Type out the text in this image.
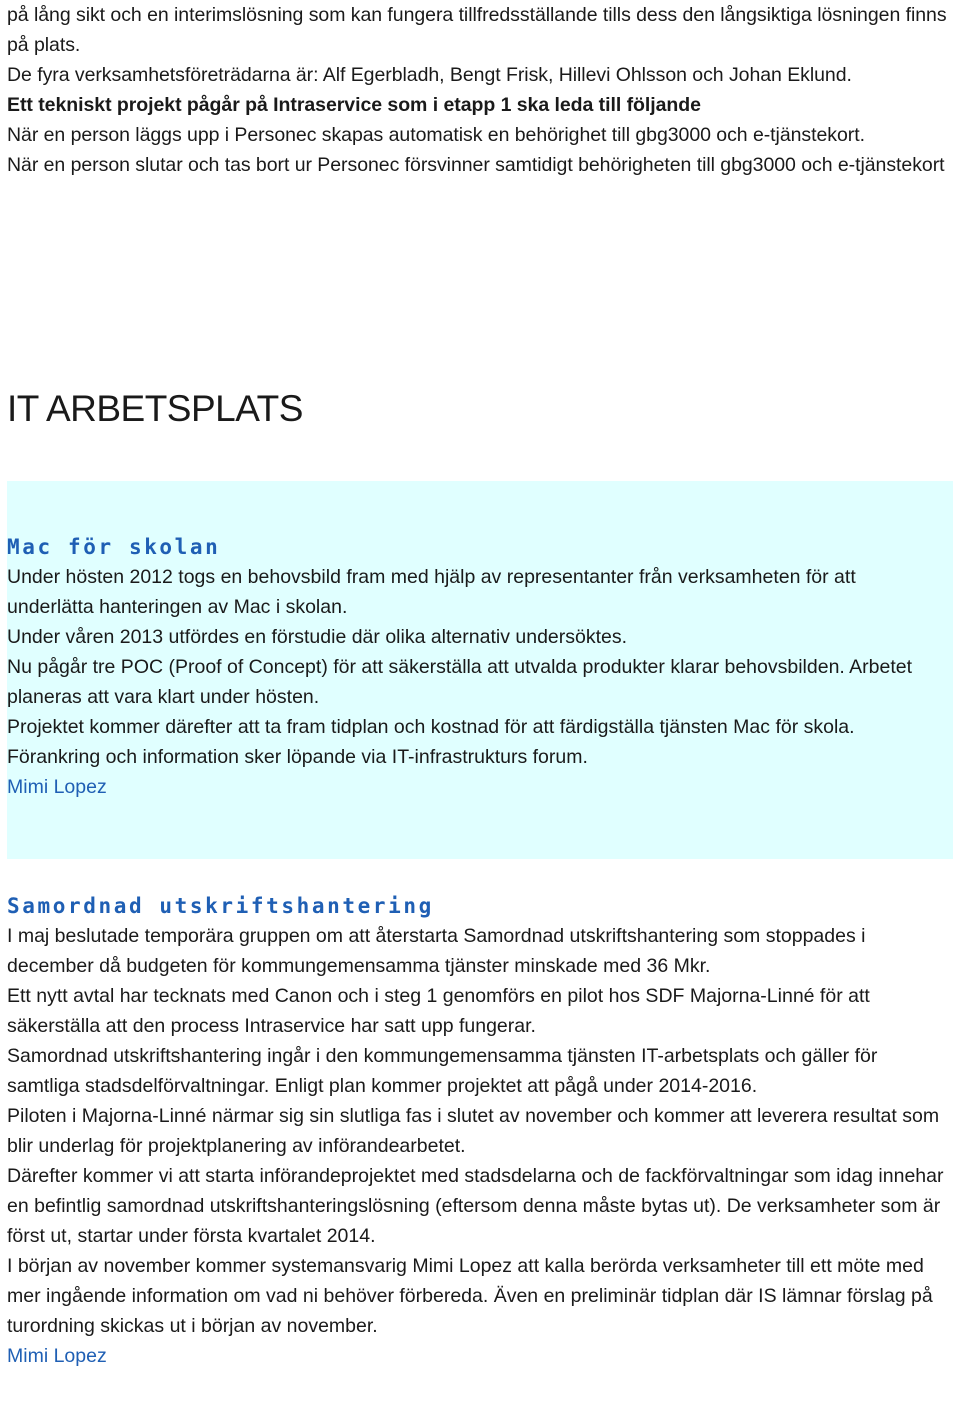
på lång sikt och en interimslösning som kan fungera tillfredsställande tills dess den långsiktiga lösningen finns på plats.

De fyra verksamhetsföreträdarna är: Alf Egerbladh, Bengt Frisk, Hillevi Ohlsson och Johan Eklund.

Ett tekniskt projekt pågår på Intraservice som i etapp 1 ska leda till följande

När en person läggs upp i Personec skapas automatisk en behörighet till gbg3000 och e-tjänstekort.

När en person slutar och tas bort ur Personec försvinner samtidigt behörigheten till gbg3000 och e-tjänstekort

IT ARBETSPLATS
Mac för skolan

Under hösten 2012 togs en behovsbild fram med hjälp av representanter från verksamheten för att underlätta hanteringen av Mac i skolan.

Under våren 2013 utfördes en förstudie där olika alternativ undersöktes.

Nu pågår tre POC (Proof of Concept) för att säkerställa att utvalda produkter klarar behovsbilden. Arbetet planeras att vara klart under hösten.

Projektet kommer därefter att ta fram tidplan och kostnad för att färdigställa tjänsten Mac för skola.

Förankring och information sker löpande via IT-infrastrukturs forum.

Mimi Lopez

Samordnad utskriftshantering

I maj beslutade temporära gruppen om att återstarta Samordnad utskriftshantering som stoppades i december då budgeten för kommungemensamma tjänster minskade med 36 Mkr.

Ett nytt avtal har tecknats med Canon och i steg 1 genomförs en pilot hos SDF Majorna-Linné för att säkerställa att den process Intraservice har satt upp fungerar.

Samordnad utskriftshantering ingår i den kommungemensamma tjänsten IT-arbetsplats och gäller för samtliga stadsdelförvaltningar. Enligt plan kommer projektet att pågå under 2014-2016.

Piloten i Majorna-Linné närmar sig sin slutliga fas i slutet av november och kommer att leverera resultat som blir underlag för projektplanering av införandearbetet.

Därefter kommer vi att starta införandeprojektet med stadsdelarna och de fackförvaltningar som idag innehar en befintlig samordnad utskriftshanteringslösning (eftersom denna måste bytas ut). De verksamheter som är först ut, startar under första kvartalet 2014.

I början av november kommer systemansvarig Mimi Lopez att kalla berörda verksamheter till ett möte med mer ingående information om vad ni behöver förbereda. Även en preliminär tidplan där IS lämnar förslag på turordning skickas ut i början av november.

Mimi Lopez
